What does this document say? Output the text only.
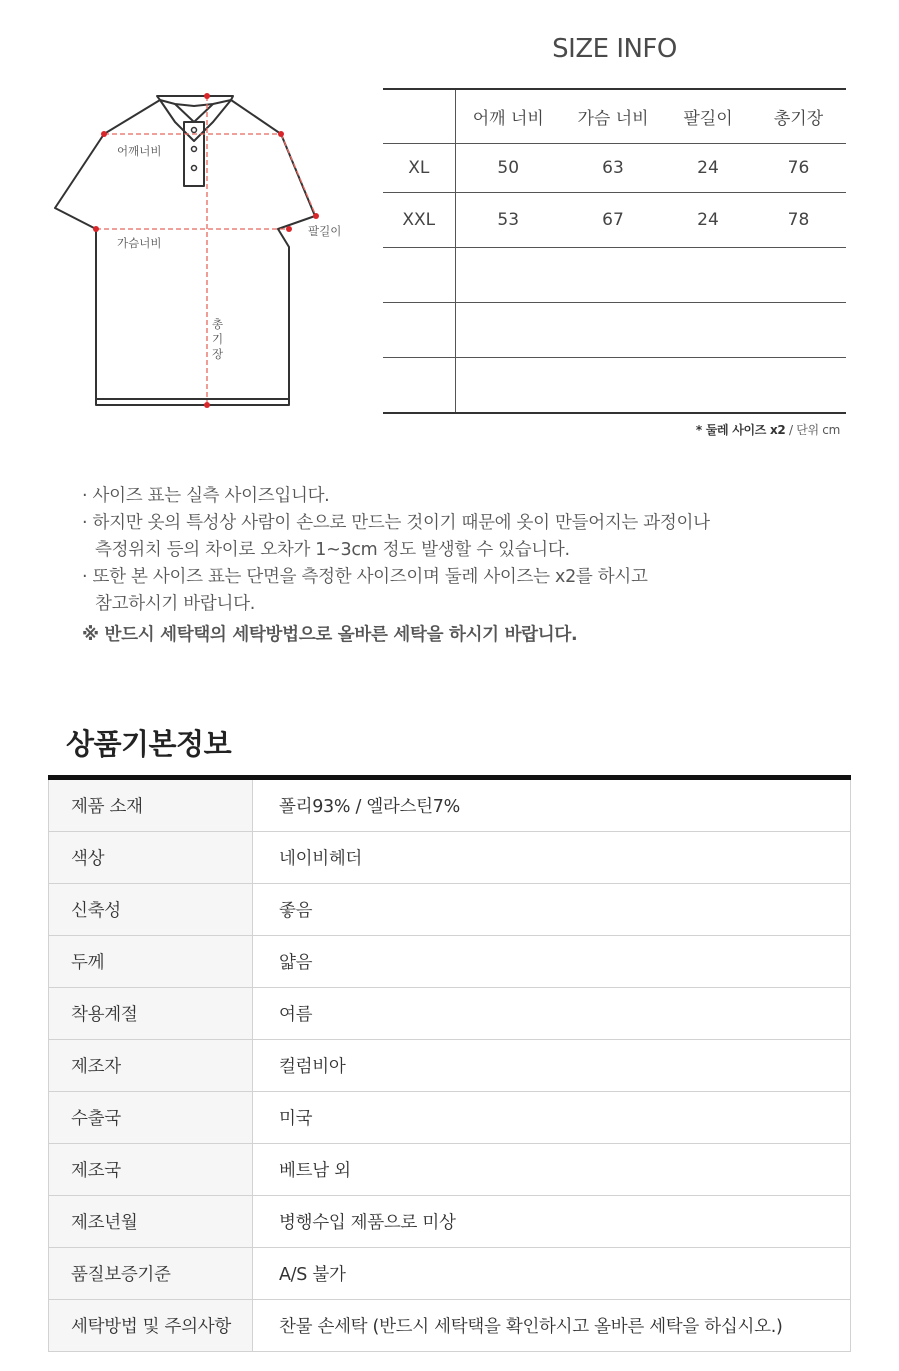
어깨너비
가슴너비
팔길이
총
기
장
SIZE INFO
	어깨 너비	가슴 너비	팔길이	총기장
XL	50	63	24	76
XXL	53	67	24	78

* 둘레 사이즈 x2 / 단위 cm
· 사이즈 표는 실측 사이즈입니다.
· 하지만 옷의 특성상 사람이 손으로 만드는 것이기 때문에 옷이 만들어지는 과정이나
측정위치 등의 차이로 오차가 1~3cm 정도 발생할 수 있습니다.
· 또한 본 사이즈 표는 단면을 측정한 사이즈이며 둘레 사이즈는 x2를 하시고
참고하시기 바랍니다.
※ 반드시 세탁택의 세탁방법으로 올바른 세탁을 하시기 바랍니다.
상품기본정보
제품 소재	폴리93% / 엘라스틴7%
색상	네이비헤더
신축성	좋음
두께	얇음
착용계절	여름
제조자	컬럼비아
수출국	미국
제조국	베트남 외
제조년월	병행수입 제품으로 미상
품질보증기준	A/S 불가
세탁방법 및 주의사항	찬물 손세탁 (반드시 세탁택을 확인하시고 올바른 세탁을 하십시오.)
